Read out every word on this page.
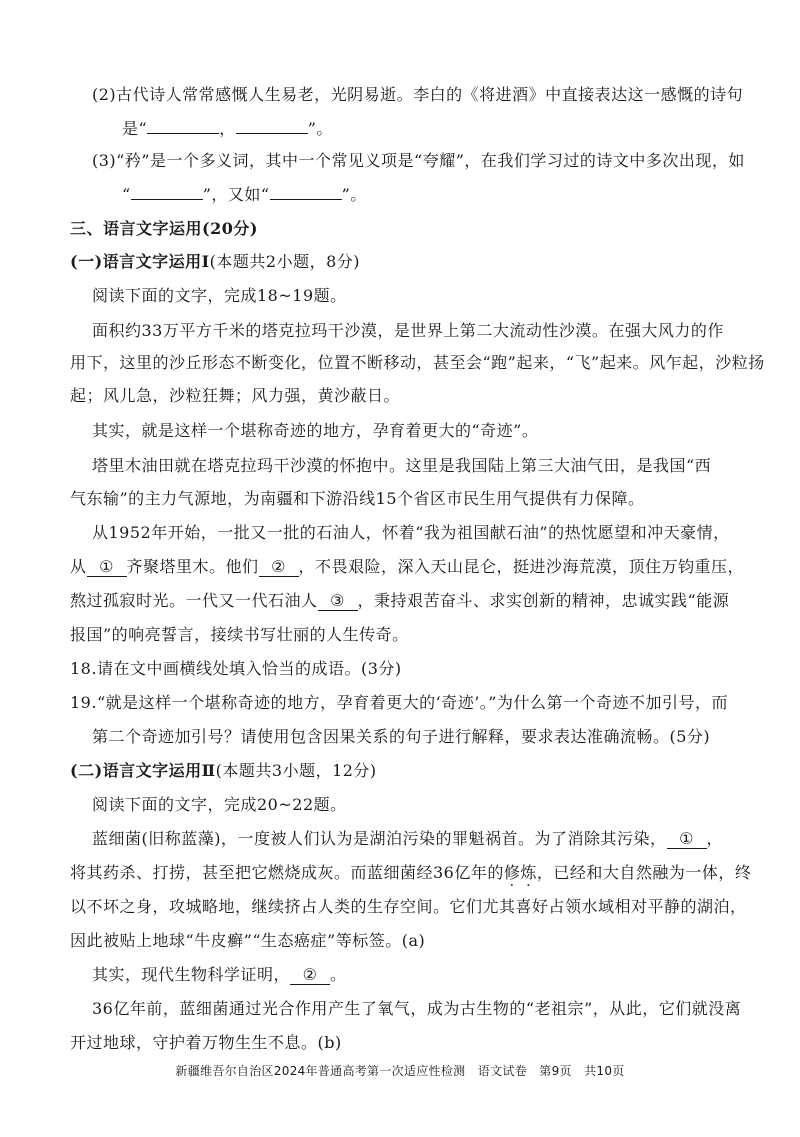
(2)古代诗人常常感慨人生易老，光阴易逝。李白的《将进酒》中直接表达这一感慨的诗句
是“	，	”。
(3)“矜”是一个多义词，其中一个常见义项是“夸耀”，在我们学习过的诗文中多次出现，如
“	”，又如“	”。
三、语言文字运用(20分)
(一)语言文字运用Ⅰ(本题共2小题，8分)
阅读下面的文字，完成18~19题。
面积约33万平方千米的塔克拉玛干沙漠，是世界上第二大流动性沙漠。在强大风力的作
用下，这里的沙丘形态不断变化，位置不断移动，甚至会“跑”起来，“飞”起来。风乍起，沙粒扬
起；风儿急，沙粒狂舞；风力强，黄沙蔽日。
其实，就是这样一个堪称奇迹的地方，孕育着更大的“奇迹”。
塔里木油田就在塔克拉玛干沙漠的怀抱中。这里是我国陆上第三大油气田，是我国“西
气东输”的主力气源地，为南疆和下游沿线15个省区市民生用气提供有力保障。
从1952年开始，一批又一批的石油人，怀着“我为祖国献石油”的热忱愿望和冲天豪情，
从 ① 齐聚塔里木。他们 ② ，不畏艰险，深入天山昆仑，挺进沙海荒漠，顶住万钧重压，
熬过孤寂时光。一代又一代石油人 ③ ，秉持艰苦奋斗、求实创新的精神，忠诚实践“能源
报国”的响亮誓言，接续书写壮丽的人生传奇。
18.请在文中画横线处填入恰当的成语。(3分)
19.“就是这样一个堪称奇迹的地方，孕育着更大的‘奇迹’。”为什么第一个奇迹不加引号，而
第二个奇迹加引号？请使用包含因果关系的句子进行解释，要求表达准确流畅。(5分)
(二)语言文字运用Ⅱ(本题共3小题，12分)
阅读下面的文字，完成20~22题。
蓝细菌(旧称蓝藻)，一度被人们认为是湖泊污染的罪魁祸首。为了消除其污染， ① ，
将其药杀、打捞，甚至把它燃烧成灰。而蓝细菌经36亿年的修炼，已经和大自然融为一体，终
以不坏之身，攻城略地，继续挤占人类的生存空间。它们尤其喜好占领水域相对平静的湖泊，
因此被贴上地球“牛皮癣”“生态癌症”等标签。(a)
其实，现代生物科学证明， ② 。
36亿年前，蓝细菌通过光合作用产生了氧气，成为古生物的“老祖宗”，从此，它们就没离
开过地球，守护着万物生生不息。(b)
新疆维吾尔自治区2024年普通高考第一次适应性检测　语文试卷　第9页　共10页
